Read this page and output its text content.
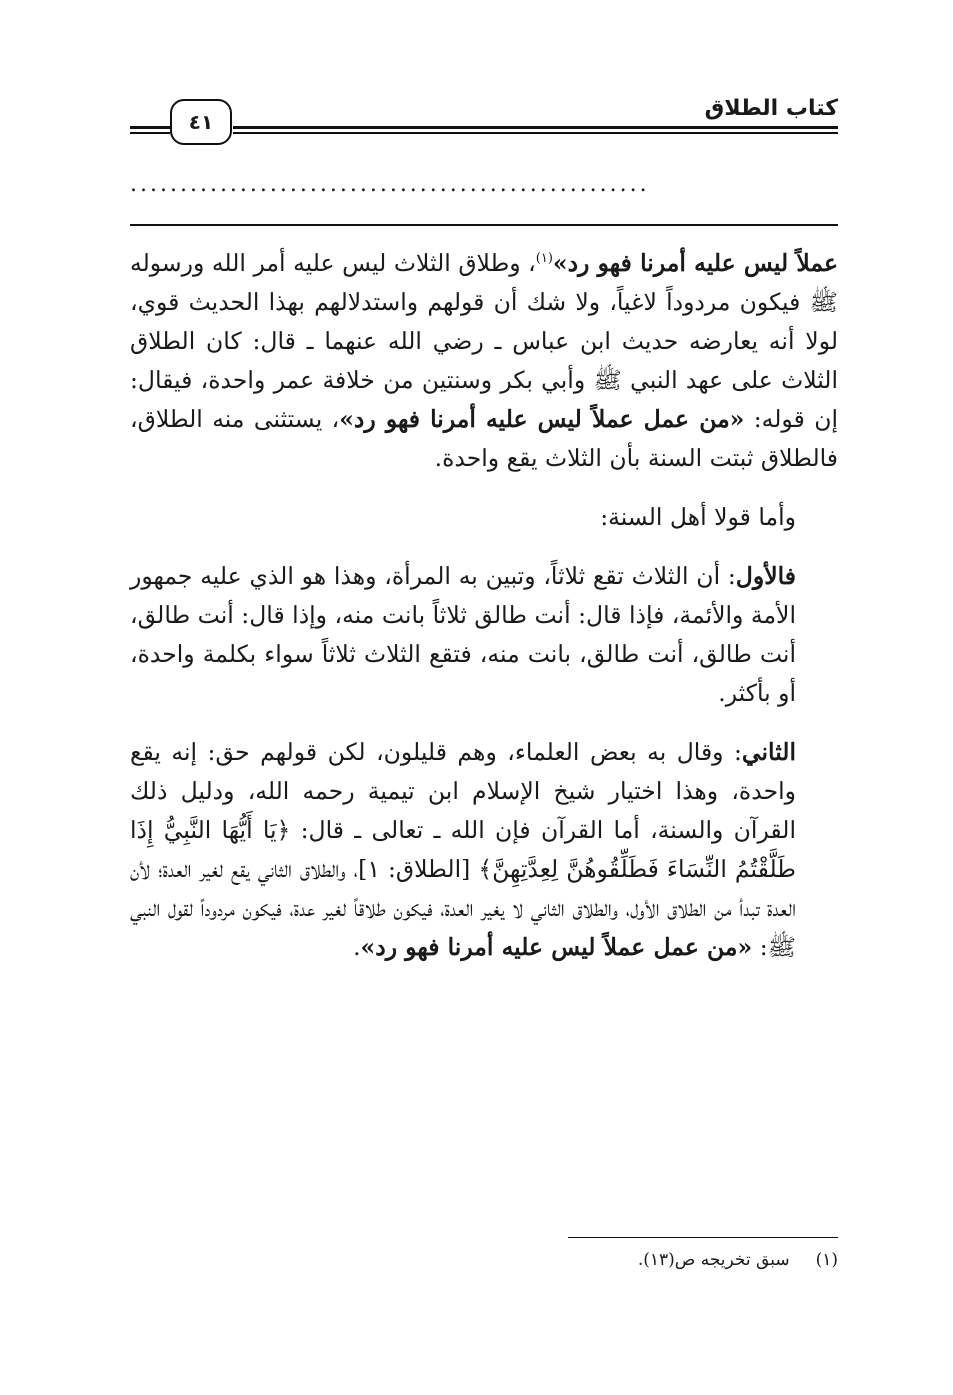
كتاب الطلاق
٤١
....................................................

عملاً ليس عليه أمرنا فهو رد»$^{(١)}$، وطلاق الثلاث ليس عليه أمر الله ورسوله ﷺ فيكون مردوداً لاغياً، ولا شك أن قولهم واستدلالهم بهذا الحديث قوي، لولا أنه يعارضه حديث ابن عباس ـ رضي الله عنهما ـ قال: كان الطلاق الثلاث على عهد النبي ﷺ وأبي بكر وسنتين من خلافة عمر واحدة، فيقال: إن قوله: «من عمل عملاً ليس عليه أمرنا فهو رد»، يستثنى منه الطلاق، فالطلاق ثبتت السنة بأن الثلاث يقع واحدة.

وأما قولا أهل السنة:

فالأول: أن الثلاث تقع ثلاثاً، وتبين به المرأة، وهذا هو الذي عليه جمهور الأمة والأئمة، فإذا قال: أنت طالق ثلاثاً بانت منه، وإذا قال: أنت طالق، أنت طالق، أنت طالق، بانت منه، فتقع الثلاث ثلاثاً سواء بكلمة واحدة، أو بأكثر.

الثاني: وقال به بعض العلماء، وهم قليلون، لكن قولهم حق: إنه يقع واحدة، وهذا اختيار شيخ الإسلام ابن تيمية رحمه الله، ودليل ذلك القرآن والسنة، أما القرآن فإن الله ـ تعالى ـ قال: ﴿يَا أَيُّهَا النَّبِيُّ إِذَا طَلَّقْتُمُ النِّسَاءَ فَطَلِّقُوهُنَّ لِعِدَّتِهِنَّ﴾ [الطلاق: ١]، والطلاق الثاني يقع لغير العدة؛ لأن العدة تبدأ من الطلاق الأول، والطلاق الثاني لا يغير العدة، فيكون طلاقاً لغير عدة، فيكون مردوداً لقول النبي ﷺ: «من عمل عملاً ليس عليه أمرنا فهو رد».

(١)سبق تخريجه ص(١٣).
